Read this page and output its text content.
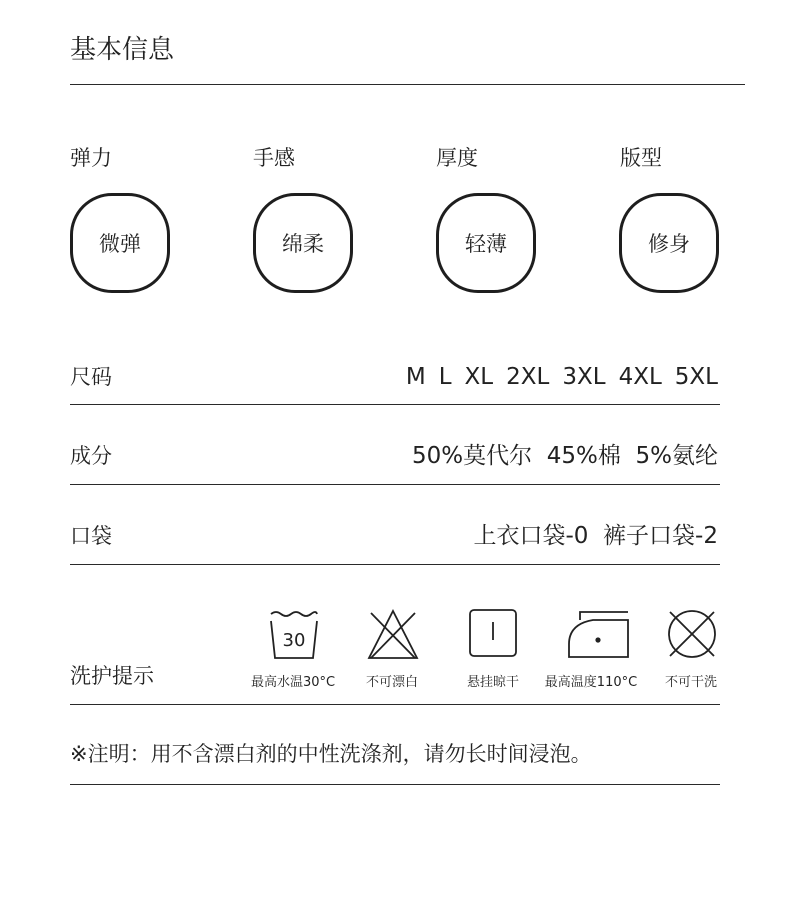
基本信息
弹力	手感	厚度	版型
微弹	绵柔	轻薄	修身
尺码	M L XL 2XL 3XL 4XL 5XL
成分	50%莫代尔  45%棉  5%氨纶
口袋	上衣口袋-0  裤子口袋-2
洗护提示
30
最高水温30°C	不可漂白	悬挂晾干	最高温度110°C	不可干洗
※注明：用不含漂白剂的中性洗涤剂，请勿长时间浸泡。
